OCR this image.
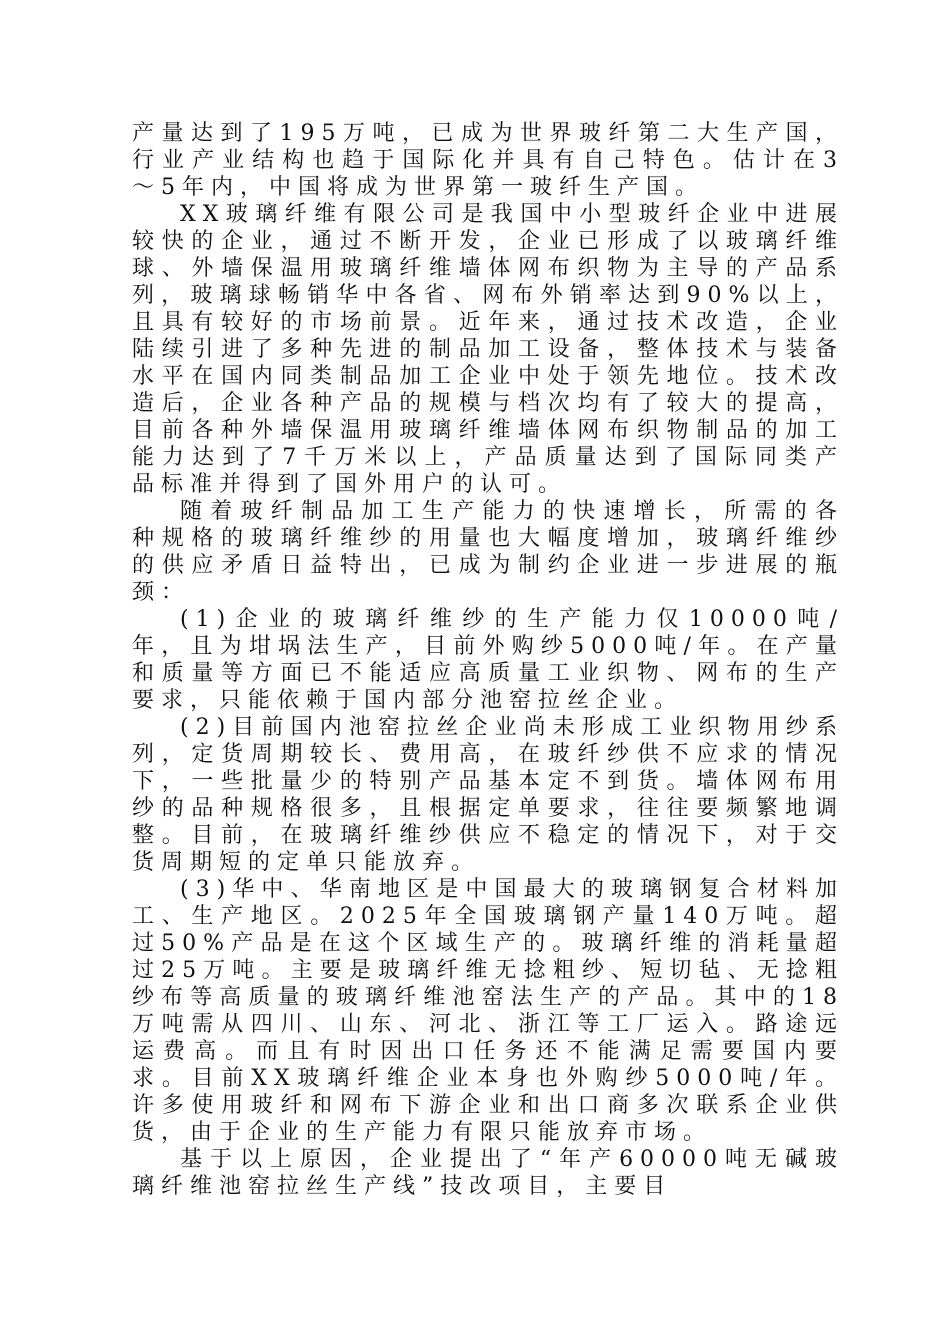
产量达到了195万吨，已成为世界玻纤第二大生产国，行业产业结构也趋于国际化并具有自己特色。估计在3～5年内，中国将成为世界第一玻纤生产国。

XX玻璃纤维有限公司是我国中小型玻纤企业中进展较快的企业，通过不断开发，企业已形成了以玻璃纤维球、外墙保温用玻璃纤维墙体网布织物为主导的产品系列，玻璃球畅销华中各省、网布外销率达到90%以上，且具有较好的市场前景。近年来，通过技术改造，企业陆续引进了多种先进的制品加工设备，整体技术与装备水平在国内同类制品加工企业中处于领先地位。技术改造后，企业各种产品的规模与档次均有了较大的提高，目前各种外墙保温用玻璃纤维墙体网布织物制品的加工能力达到了7千万米以上，产品质量达到了国际同类产品标准并得到了国外用户的认可。

随着玻纤制品加工生产能力的快速增长，所需的各种规格的玻璃纤维纱的用量也大幅度增加，玻璃纤维纱的供应矛盾日益特出，已成为制约企业进一步进展的瓶颈：

(1)企业的玻璃纤维纱的生产能力仅10000吨/年，且为坩埚法生产，目前外购纱5000吨/年。在产量和质量等方面已不能适应高质量工业织物、网布的生产要求，只能依赖于国内部分池窑拉丝企业。

(2)目前国内池窑拉丝企业尚未形成工业织物用纱系列，定货周期较长、费用高，在玻纤纱供不应求的情况下，一些批量少的特别产品基本定不到货。墙体网布用纱的品种规格很多，且根据定单要求，往往要频繁地调整。目前，在玻璃纤维纱供应不稳定的情况下，对于交货周期短的定单只能放弃。

(3)华中、华南地区是中国最大的玻璃钢复合材料加工、生产地区。2025年全国玻璃钢产量140万吨。超过50%产品是在这个区域生产的。玻璃纤维的消耗量超过25万吨。主要是玻璃纤维无捻粗纱、短切毡、无捻粗纱布等高质量的玻璃纤维池窑法生产的产品。其中的18万吨需从四川、山东、河北、浙江等工厂运入。路途远运费高。而且有时因出口任务还不能满足需要国内要求。目前XX玻璃纤维企业本身也外购纱5000吨/年。许多使用玻纤和网布下游企业和出口商多次联系企业供货，由于企业的生产能力有限只能放弃市场。

基于以上原因，企业提出了“年产60000吨无碱玻璃纤维池窑拉丝生产线”技改项目，主要目
